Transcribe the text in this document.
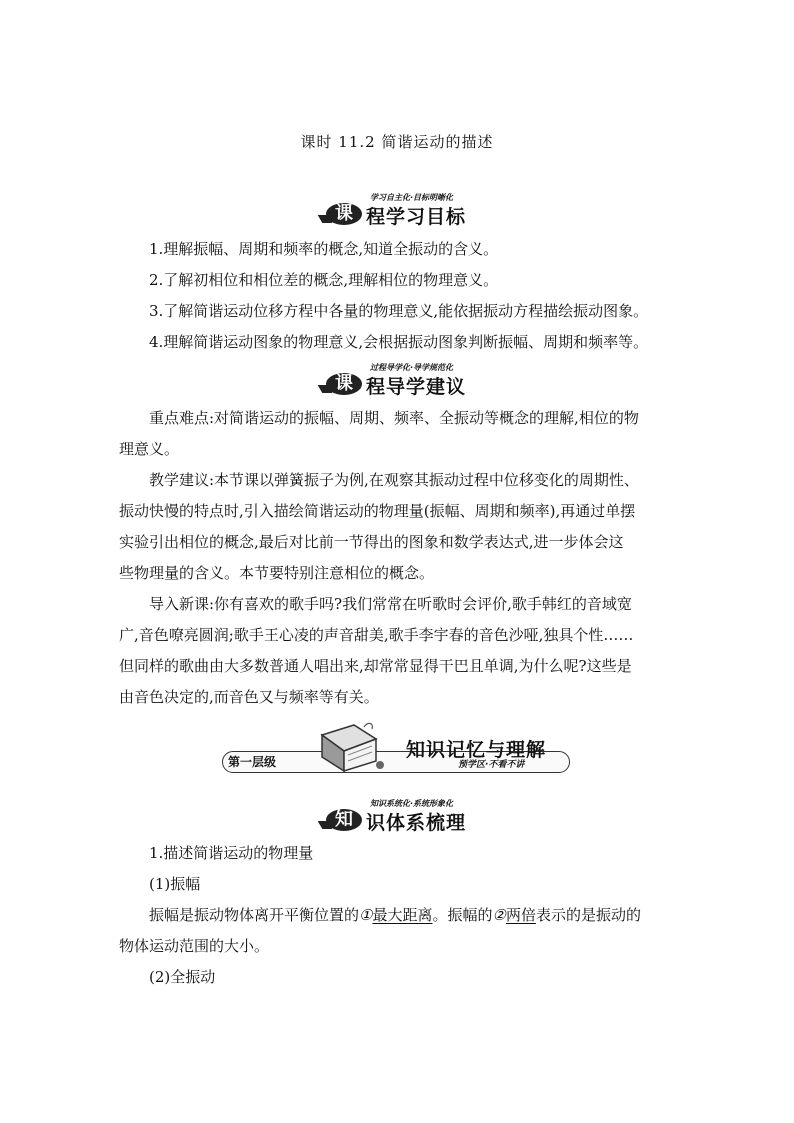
课时 11.2 简谐运动的描述
课
学习自主化·目标明晰化
程学习目标
1.理解振幅、周期和频率的概念,知道全振动的含义。
2.了解初相位和相位差的概念,理解相位的物理意义。
3.了解简谐运动位移方程中各量的物理意义,能依据振动方程描绘振动图象。
4.理解简谐运动图象的物理意义,会根据振动图象判断振幅、周期和频率等。
课
过程导学化·导学规范化
程导学建议
重点难点:对简谐运动的振幅、周期、频率、全振动等概念的理解,相位的物
理意义。
教学建议:本节课以弹簧振子为例,在观察其振动过程中位移变化的周期性、
振动快慢的特点时,引入描绘简谐运动的物理量(振幅、周期和频率),再通过单摆
实验引出相位的概念,最后对比前一节得出的图象和数学表达式,进一步体会这
些物理量的含义。本节要特别注意相位的概念。
导入新课:你有喜欢的歌手吗?我们常常在听歌时会评价,歌手韩红的音域宽
广,音色嘹亮圆润;歌手王心凌的声音甜美,歌手李宇春的音色沙哑,独具个性……
但同样的歌曲由大多数普通人唱出来,却常常显得干巴且单调,为什么呢?这些是
由音色决定的,而音色又与频率等有关。
第一层级
知识记忆与理解
预学区·不看不讲
知
知识系统化·系统形象化
识体系梳理
1.描述简谐运动的物理量
(1)振幅
振幅是振动物体离开平衡位置的①最大距离。振幅的②两倍表示的是振动的
物体运动范围的大小。
(2)全振动
